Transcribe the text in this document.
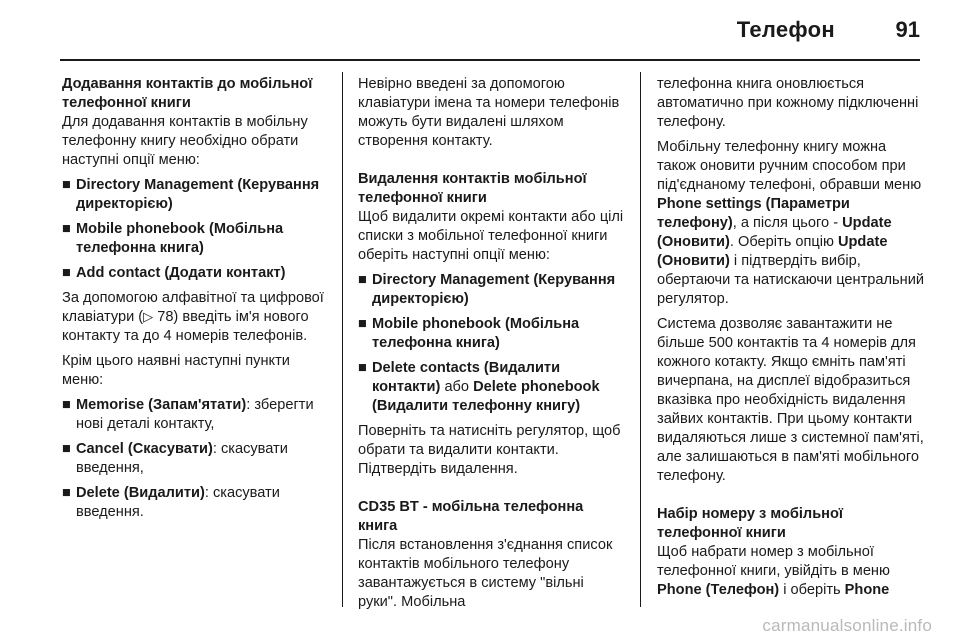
Телефон	91
Додавання контактів до мобільної
телефонної книги

Для додавання контактів в мобільну телефонну книгу необхідно обрати наступні опції меню:

■ Directory Management (Керування директорією)
■ Mobile phonebook (Мобільна телефонна книга)
■ Add contact (Додати контакт)

За допомогою алфавітної та цифрової клавіатури (▷ 78) введіть ім'я нового контакту та до 4 номерів телефонів.

Крім цього наявні наступні пункти меню:

■ Memorise (Запам'ятати): зберегти нові деталі контакту,
■ Cancel (Скасувати): скасувати введення,
■ Delete (Видалити): скасувати введення.

Невірно введені за допомогою клавіатури імена та номери телефонів можуть бути видалені шляхом створення контакту.

Видалення контактів мобільної
телефонної книги

Щоб видалити окремі контакти або цілі списки з мобільної телефонної книги оберіть наступні опції меню:

■ Directory Management (Керування директорією)
■ Mobile phonebook (Мобільна телефонна книга)
■ Delete contacts (Видалити контакти) або Delete phonebook (Видалити телефонну книгу)

Поверніть та натисніть регулятор, щоб обрати та видалити контакти. Підтвердіть видалення.

CD35 BT - мобільна телефонна
книга

Після встановлення з'єднання список контактів мобільного телефону завантажується в систему "вільні руки". Мобільна

телефонна книга оновлюється автоматично при кожному підключенні телефону.

Мобільну телефонну книгу можна також оновити ручним способом при під'єднаному телефоні, обравши меню Phone settings (Параметри телефону), а після цього - Update (Оновити). Оберіть опцію Update (Оновити) і підтвердіть вибір, обертаючи та натискаючи центральний регулятор.

Система дозволяє завантажити не більше 500 контактів та 4 номерів для кожного котакту. Якщо ємніть пам'яті вичерпана, на дисплеї відобразиться вказівка про необхідність видалення зайвих контактів. При цьому контакти видаляються лише з системної пам'яті, але залишаються в пам'яті мобільного телефону.

Набір номеру з мобільної
телефонної книги

Щоб набрати номер з мобільної телефонної книги, увійдіть в меню Phone (Телефон) і оберіть Phone

carmanualsonline.info
